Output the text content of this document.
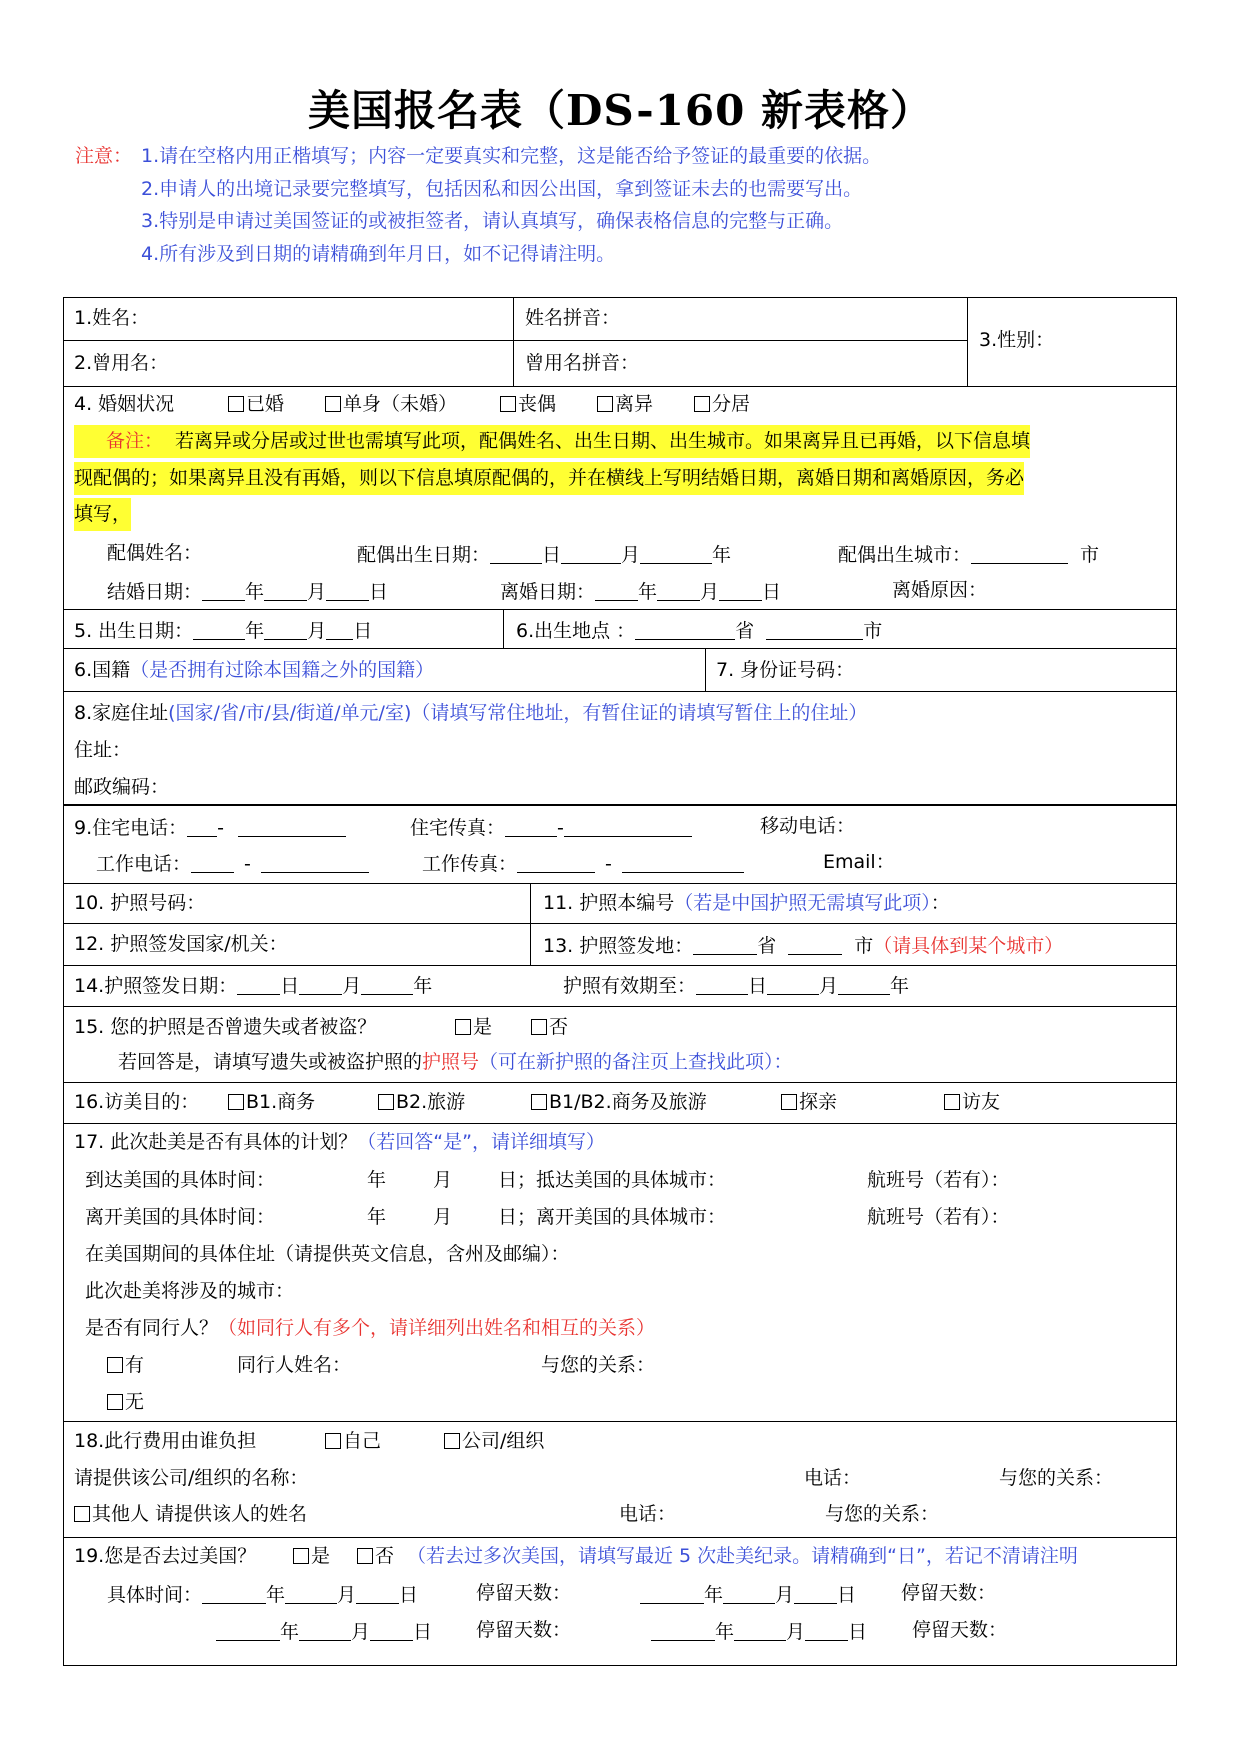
美国报名表（DS-160 新表格）
注意： 1.请在空格内用正楷填写；内容一定要真实和完整，这是能否给予签证的最重要的依据。
2.申请人的出境记录要完整填写，包括因私和因公出国，拿到签证未去的也需要写出。
3.特别是申请过美国签证的或被拒签者，请认真填写，确保表格信息的完整与正确。
4.所有涉及到日期的请精确到年月日，如不记得请注明。
1.姓名：	姓名拼音：
3.性别：
2.曾用名：	曾用名拼音：
4. 婚姻状况	已婚	单身（未婚）	丧偶	离异	分居
备注： 若离异或分居或过世也需填写此项，配偶姓名、出生日期、出生城市。如果离异且已再婚，以下信息填
现配偶的；如果离异且没有再婚，则以下信息填原配偶的，并在横线上写明结婚日期，离婚日期和离婚原因，务必
填写，
配偶姓名：	配偶出生日期：	日	月	年	配偶出生城市：	市
结婚日期： 年 月 日	离婚日期： 年 月 日	离婚原因：
5. 出生日期：	年 月 日	6.出生地点 ：	省	市
6.国籍（是否拥有过除本国籍之外的国籍）	7. 身份证号码：
8.家庭住址(国家/省/市/县/街道/单元/室)（请填写常住地址，有暂住证的请填写暂住上的住址）
住址：
邮政编码：
9.住宅电话： -	住宅传真：	-	移动电话：
工作电话：	-	工作传真：	-	Email：
10. 护照号码：	11. 护照本编号（若是中国护照无需填写此项）：
12. 护照签发国家/机关：	13. 护照签发地：	省	市（请具体到某个城市）
14.护照签发日期： 日 月	年	护照有效期至：	日	月	年
15. 您的护照是否曾遗失或者被盗？	是	否
若回答是，请填写遗失或被盗护照的护照号（可在新护照的备注页上查找此项）：
16.访美目的：	B1.商务	B2.旅游	B1/B2.商务及旅游	探亲	访友
17. 此次赴美是否有具体的计划？（若回答“是”，请详细填写）
到达美国的具体时间：	年 月 日；抵达美国的具体城市：	航班号（若有）：
离开美国的具体时间：	年 月 日；离开美国的具体城市：	航班号（若有）：
在美国期间的具体住址（请提供英文信息，含州及邮编）：
此次赴美将涉及的城市：
是否有同行人？（如同行人有多个，请详细列出姓名和相互的关系）
有	同行人姓名：	与您的关系：
无
18.此行费用由谁负担	自己	公司/组织
请提供该公司/组织的名称：	电话：	与您的关系：
其他人 请提供该人的姓名	电话：	与您的关系：
19.您是否去过美国？	是	否 （若去过多次美国，请填写最近 5 次赴美纪录。请精确到“日”，若记不清请注明
具体时间：	年	月 日	停留天数：	年	月 日 停留天数：
年	月 日 停留天数：	年	月 日 停留天数：
